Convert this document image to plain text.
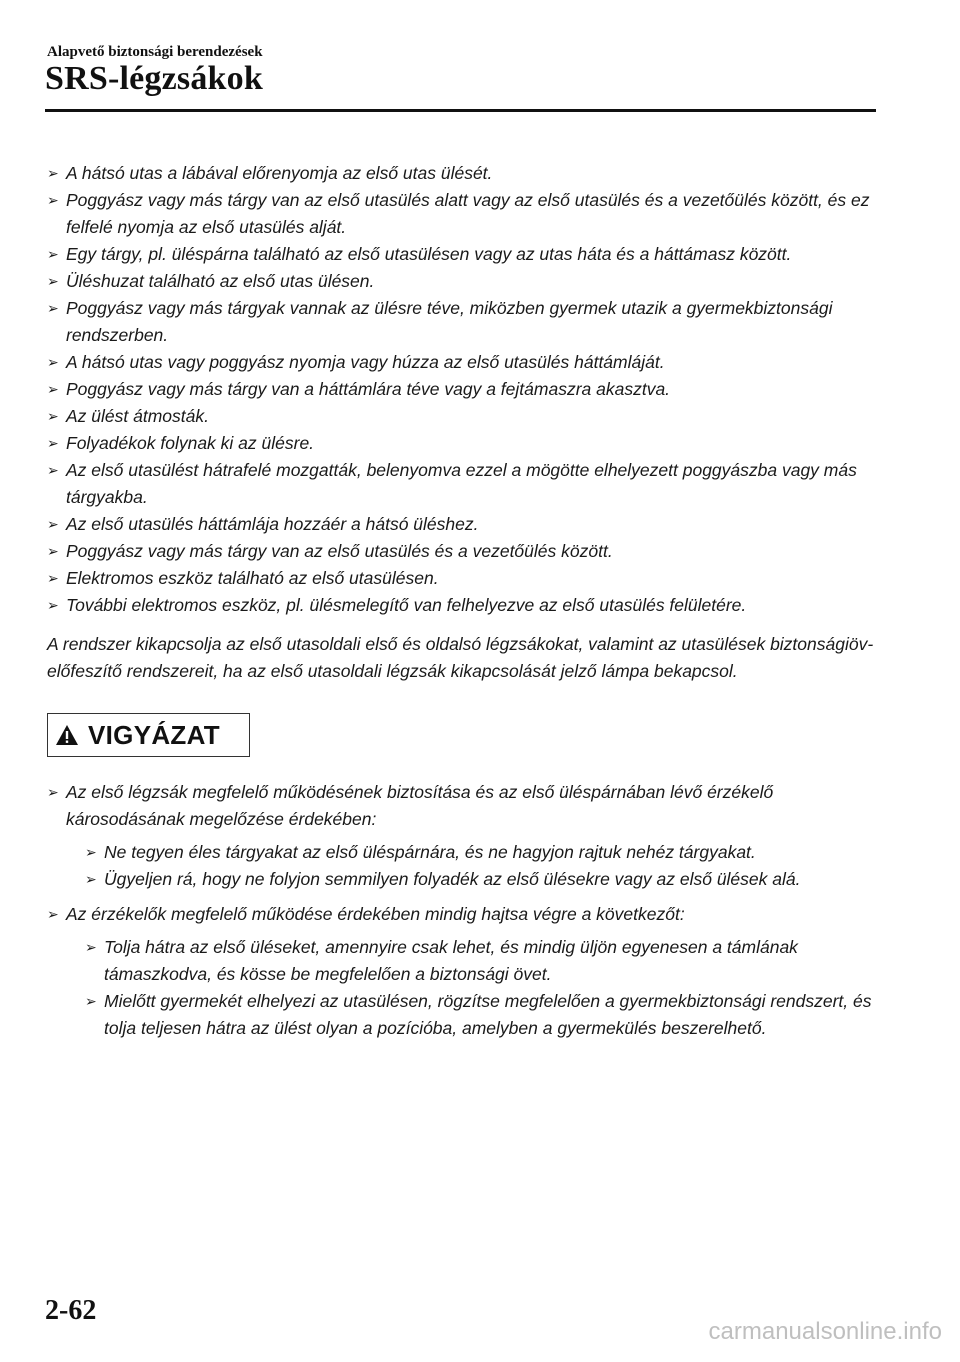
Alapvető biztonsági berendezések
SRS-légzsákok
➢ A hátsó utas a lábával előrenyomja az első utas ülését.
➢ Poggyász vagy más tárgy van az első utasülés alatt vagy az első utasülés és a vezetőülés között, és ez felfelé nyomja az első utasülés alját.
➢ Egy tárgy, pl. üléspárna található az első utasülésen vagy az utas háta és a háttámasz között.
➢ Üléshuzat található az első utas ülésen.
➢ Poggyász vagy más tárgyak vannak az ülésre téve, miközben gyermek utazik a gyermekbiztonsági rendszerben.
➢ A hátsó utas vagy poggyász nyomja vagy húzza az első utasülés háttámláját.
➢ Poggyász vagy más tárgy van a háttámlára téve vagy a fejtámaszra akasztva.
➢ Az ülést átmosták.
➢ Folyadékok folynak ki az ülésre.
➢ Az első utasülést hátrafelé mozgatták, belenyomva ezzel a mögötte elhelyezett poggyászba vagy más tárgyakba.
➢ Az első utasülés háttámlája hozzáér a hátsó üléshez.
➢ Poggyász vagy más tárgy van az első utasülés és a vezetőülés között.
➢ Elektromos eszköz található az első utasülésen.
➢ További elektromos eszköz, pl. ülésmelegítő van felhelyezve az első utasülés felületére.

A rendszer kikapcsolja az első utasoldali első és oldalsó légzsákokat, valamint az utasülések biztonságiöv-előfeszítő rendszereit, ha az első utasoldali légzsák kikapcsolását jelző lámpa bekapcsol.

VIGYÁZAT
➢ Az első légzsák megfelelő működésének biztosítása és az első üléspárnában lévő érzékelő károsodásának megelőzése érdekében:
➢ Ne tegyen éles tárgyakat az első üléspárnára, és ne hagyjon rajtuk nehéz tárgyakat.
➢ Ügyeljen rá, hogy ne folyjon semmilyen folyadék az első ülésekre vagy az első ülések alá.
➢ Az érzékelők megfelelő működése érdekében mindig hajtsa végre a következőt:
➢ Tolja hátra az első üléseket, amennyire csak lehet, és mindig üljön egyenesen a támlának támaszkodva, és kösse be megfelelően a biztonsági övet.
➢ Mielőtt gyermekét elhelyezi az utasülésen, rögzítse megfelelően a gyermekbiztonsági rendszert, és tolja teljesen hátra az ülést olyan a pozícióba, amelyben a gyermekülés beszerelhető.
2-62
carmanualsonline.info
